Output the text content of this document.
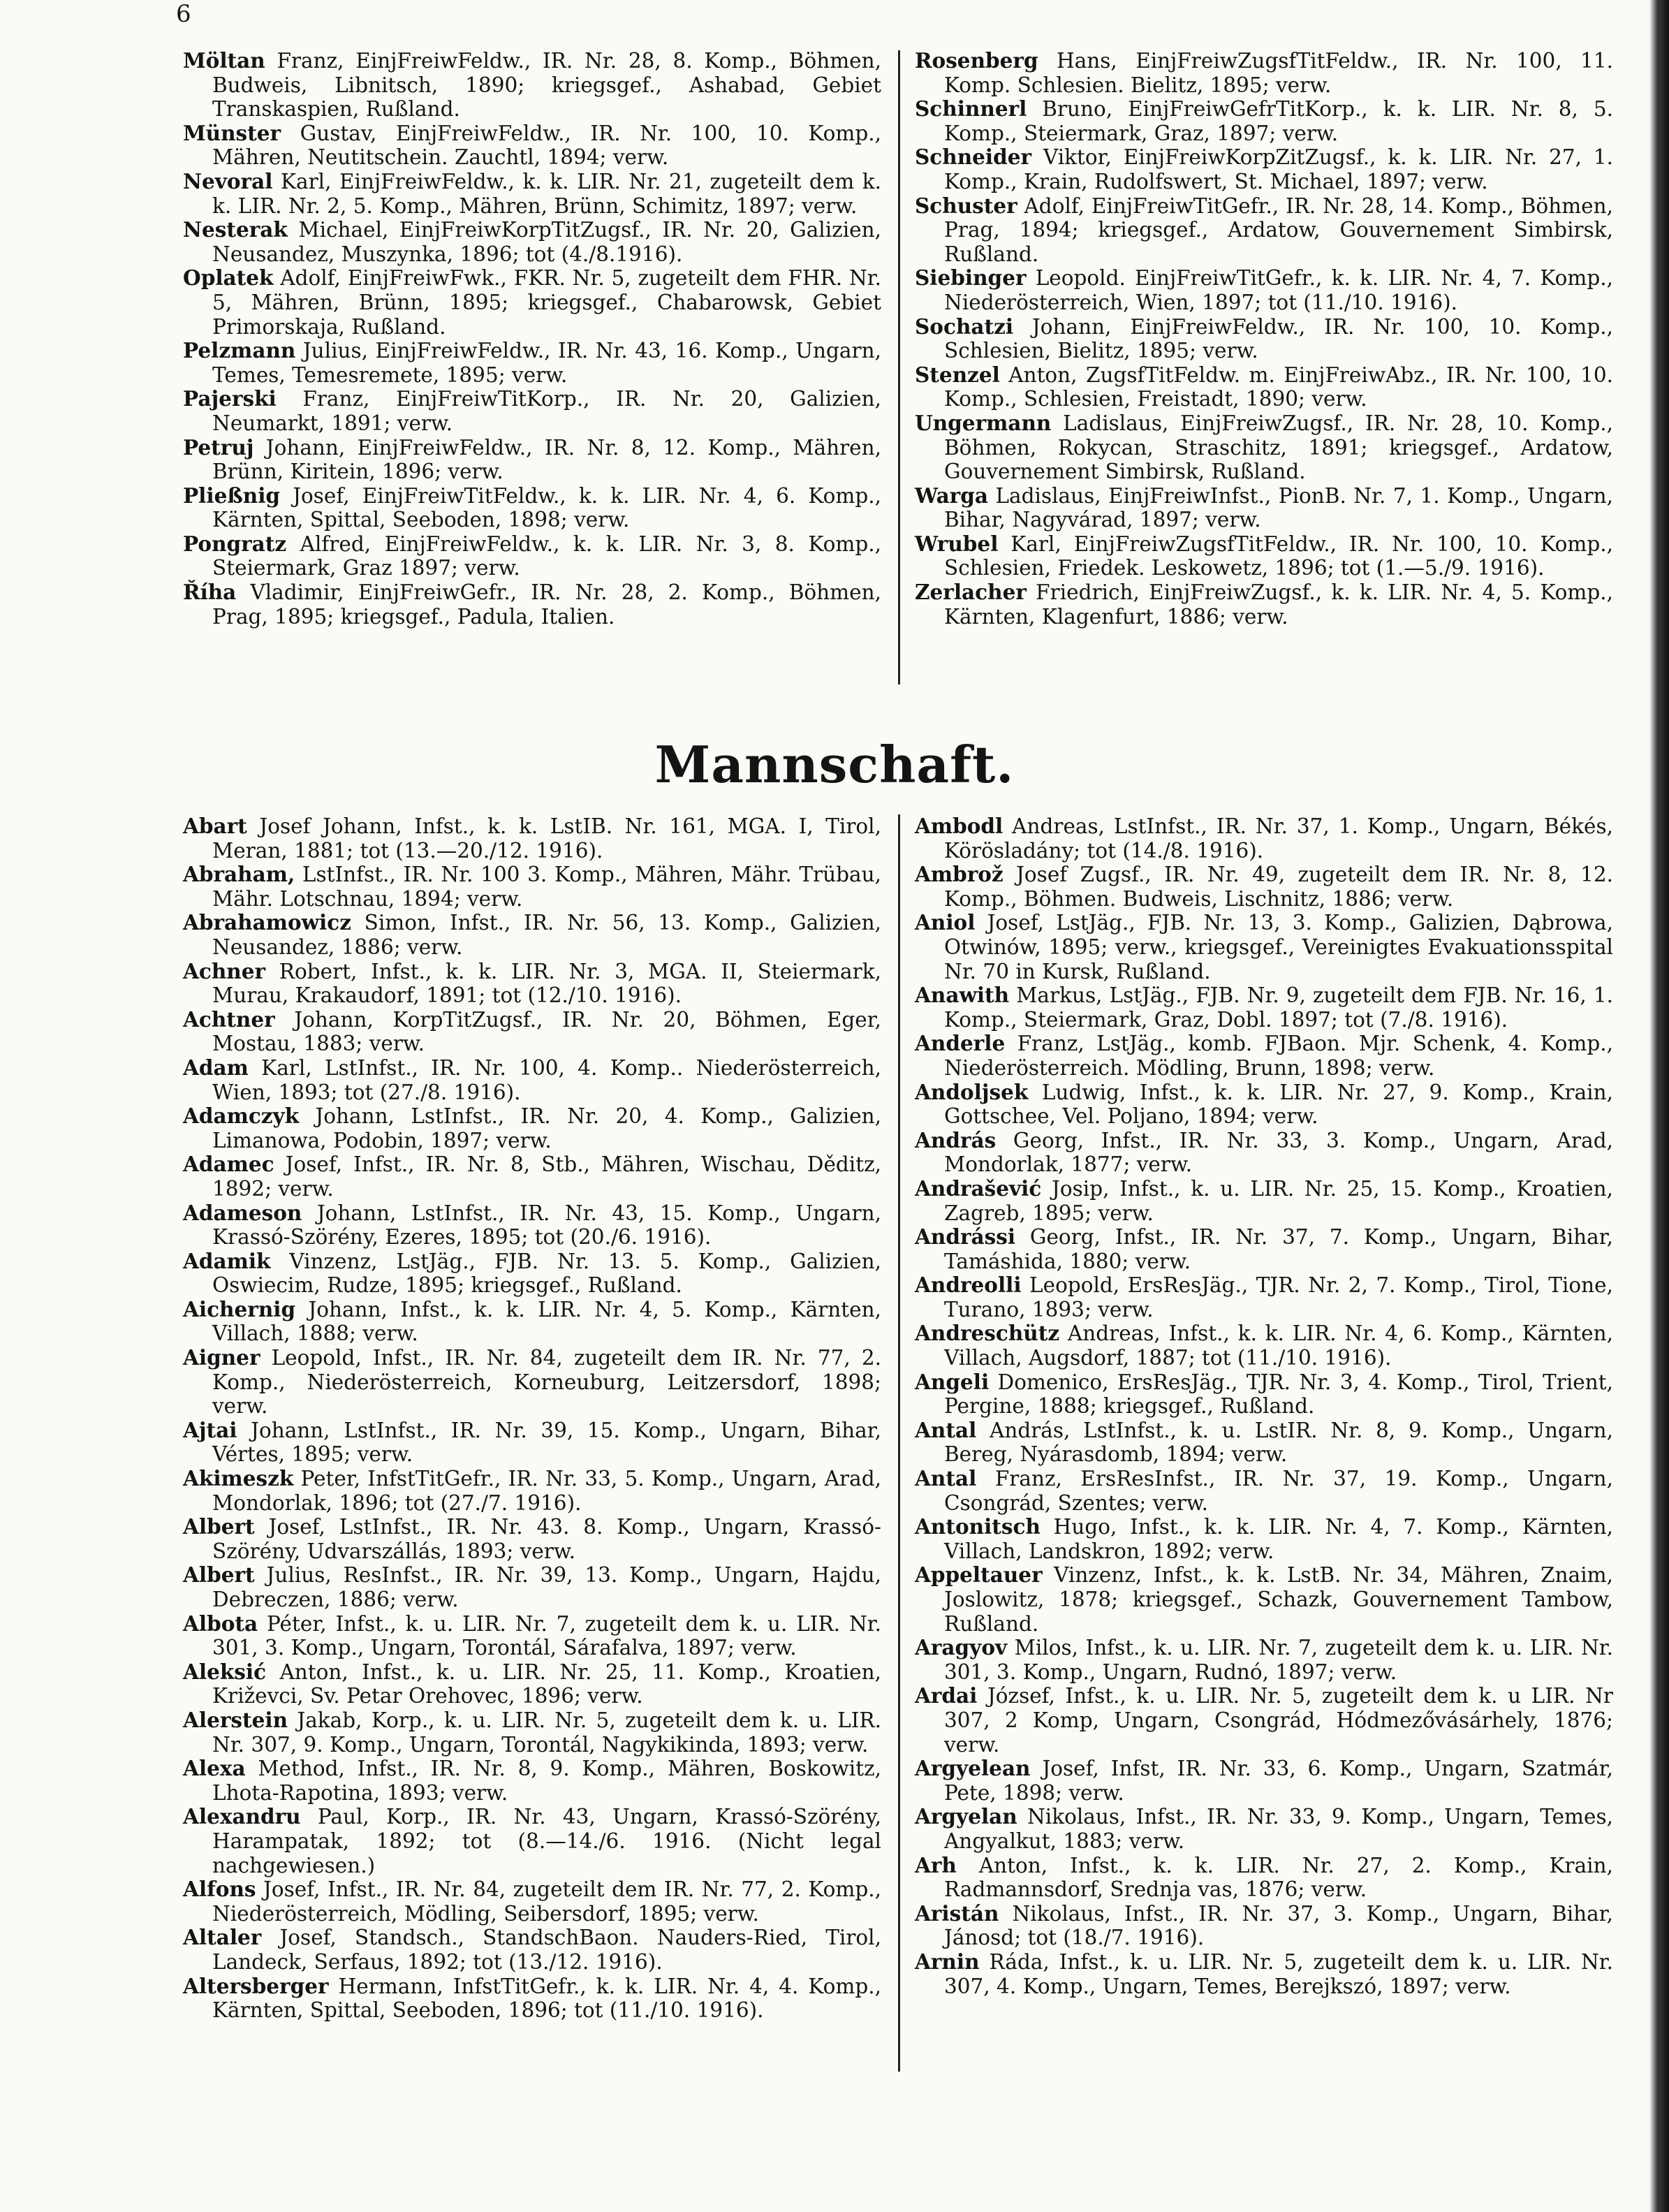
6

Möltan Franz, EinjFreiwFeldw., IR. Nr. 28, 8. Komp., Böhmen, Budweis, Libnitsch, 1890; kriegsgef., Ashabad, Gebiet Transkaspien, Rußland.

Münster Gustav, EinjFreiwFeldw., IR. Nr. 100, 10. Komp., Mähren, Neutitschein. Zauchtl, 1894; verw.

Nevoral Karl, EinjFreiwFeldw., k. k. LIR. Nr. 21, zugeteilt dem k. k. LIR. Nr. 2, 5. Komp., Mähren, Brünn, Schimitz, 1897; verw.

Nesterak Michael, EinjFreiwKorpTitZugsf., IR. Nr. 20, Galizien, Neusandez, Muszynka, 1896; tot (4./8.1916).

Oplatek Adolf, EinjFreiwFwk., FKR. Nr. 5, zugeteilt dem FHR. Nr. 5, Mähren, Brünn, 1895; kriegsgef., Chabarowsk, Gebiet Primorskaja, Rußland.

Pelzmann Julius, EinjFreiwFeldw., IR. Nr. 43, 16. Komp., Ungarn, Temes, Temesremete, 1895; verw.

Pajerski Franz, EinjFreiwTitKorp., IR. Nr. 20, Galizien, Neumarkt, 1891; verw.

Petruj Johann, EinjFreiwFeldw., IR. Nr. 8, 12. Komp., Mähren, Brünn, Kiritein, 1896; verw.

Pließnig Josef, EinjFreiwTitFeldw., k. k. LIR. Nr. 4, 6. Komp., Kärnten, Spittal, Seeboden, 1898; verw.

Pongratz Alfred, EinjFreiwFeldw., k. k. LIR. Nr. 3, 8. Komp., Steiermark, Graz 1897; verw.

Říha Vladimir, EinjFreiwGefr., IR. Nr. 28, 2. Komp., Böhmen, Prag, 1895; kriegsgef., Padula, Italien.

Rosenberg Hans, EinjFreiwZugsfTitFeldw., IR. Nr. 100, 11. Komp. Schlesien. Bielitz, 1895; verw.

Schinnerl Bruno, EinjFreiwGefrTitKorp., k. k. LIR. Nr. 8, 5. Komp., Steiermark, Graz, 1897; verw.

Schneider Viktor, EinjFreiwKorpZitZugsf., k. k. LIR. Nr. 27, 1. Komp., Krain, Rudolfswert, St. Michael, 1897; verw.

Schuster Adolf, EinjFreiwTitGefr., IR. Nr. 28, 14. Komp., Böhmen, Prag, 1894; kriegsgef., Ardatow, Gouvernement Simbirsk, Rußland.

Siebinger Leopold. EinjFreiwTitGefr., k. k. LIR. Nr. 4, 7. Komp., Niederösterreich, Wien, 1897; tot (11./10. 1916).

Sochatzi Johann, EinjFreiwFeldw., IR. Nr. 100, 10. Komp., Schlesien, Bielitz, 1895; verw.

Stenzel Anton, ZugsfTitFeldw. m. EinjFreiwAbz., IR. Nr. 100, 10. Komp., Schlesien, Freistadt, 1890; verw.

Ungermann Ladislaus, EinjFreiwZugsf., IR. Nr. 28, 10. Komp., Böhmen, Rokycan, Straschitz, 1891; kriegsgef., Ardatow, Gouvernement Simbirsk, Rußland.

Warga Ladislaus, EinjFreiwInfst., PionB. Nr. 7, 1. Komp., Ungarn, Bihar, Nagyvárad, 1897; verw.

Wrubel Karl, EinjFreiwZugsfTitFeldw., IR. Nr. 100, 10. Komp., Schlesien, Friedek. Leskowetz, 1896; tot (1.—5./9. 1916).

Zerlacher Friedrich, EinjFreiwZugsf., k. k. LIR. Nr. 4, 5. Komp., Kärnten, Klagenfurt, 1886; verw.

Mannschaft.

Abart Josef Johann, Infst., k. k. LstIB. Nr. 161, MGA. I, Tirol, Meran, 1881; tot (13.—20./12. 1916).

Abraham, LstInfst., IR. Nr. 100 3. Komp., Mähren, Mähr. Trübau, Mähr. Lotschnau, 1894; verw.

Abrahamowicz Simon, Infst., IR. Nr. 56, 13. Komp., Galizien, Neusandez, 1886; verw.

Achner Robert, Infst., k. k. LIR. Nr. 3, MGA. II, Steiermark, Murau, Krakaudorf, 1891; tot (12./10. 1916).

Achtner Johann, KorpTitZugsf., IR. Nr. 20, Böhmen, Eger, Mostau, 1883; verw.

Adam Karl, LstInfst., IR. Nr. 100, 4. Komp.. Niederösterreich, Wien, 1893; tot (27./8. 1916).

Adamczyk Johann, LstInfst., IR. Nr. 20, 4. Komp., Galizien, Limanowa, Podobin, 1897; verw.

Adamec Josef, Infst., IR. Nr. 8, Stb., Mähren, Wischau, Děditz, 1892; verw.

Adameson Johann, LstInfst., IR. Nr. 43, 15. Komp., Ungarn, Krassó-Szörény, Ezeres, 1895; tot (20./6. 1916).

Adamik Vinzenz, LstJäg., FJB. Nr. 13. 5. Komp., Galizien, Oswiecim, Rudze, 1895; kriegsgef., Rußland.

Aichernig Johann, Infst., k. k. LIR. Nr. 4, 5. Komp., Kärnten, Villach, 1888; verw.

Aigner Leopold, Infst., IR. Nr. 84, zugeteilt dem IR. Nr. 77, 2. Komp., Niederösterreich, Korneuburg, Leitzersdorf, 1898; verw.

Ajtai Johann, LstInfst., IR. Nr. 39, 15. Komp., Ungarn, Bihar, Vértes, 1895; verw.

Akimeszk Peter, InfstTitGefr., IR. Nr. 33, 5. Komp., Ungarn, Arad, Mondorlak, 1896; tot (27./7. 1916).

Albert Josef, LstInfst., IR. Nr. 43. 8. Komp., Ungarn, Krassó-Szörény, Udvarszállás, 1893; verw.

Albert Julius, ResInfst., IR. Nr. 39, 13. Komp., Ungarn, Hajdu, Debreczen, 1886; verw.

Albota Péter, Infst., k. u. LIR. Nr. 7, zugeteilt dem k. u. LIR. Nr. 301, 3. Komp., Ungarn, Torontál, Sárafalva, 1897; verw.

Aleksić Anton, Infst., k. u. LIR. Nr. 25, 11. Komp., Kroatien, Križevci, Sv. Petar Orehovec, 1896; verw.

Alerstein Jakab, Korp., k. u. LIR. Nr. 5, zugeteilt dem k. u. LIR. Nr. 307, 9. Komp., Ungarn, Torontál, Nagykikinda, 1893; verw.

Alexa Method, Infst., IR. Nr. 8, 9. Komp., Mähren, Boskowitz, Lhota-Rapotina, 1893; verw.

Alexandru Paul, Korp., IR. Nr. 43, Ungarn, Krassó-Szörény, Harampatak, 1892; tot (8.—14./6. 1916. (Nicht legal nachgewiesen.)

Alfons Josef, Infst., IR. Nr. 84, zugeteilt dem IR. Nr. 77, 2. Komp., Niederösterreich, Mödling, Seibersdorf, 1895; verw.

Altaler Josef, Standsch., StandschBaon. Nauders-Ried, Tirol, Landeck, Serfaus, 1892; tot (13./12. 1916).

Altersberger Hermann, InfstTitGefr., k. k. LIR. Nr. 4, 4. Komp., Kärnten, Spittal, Seeboden, 1896; tot (11./10. 1916).

Ambodl Andreas, LstInfst., IR. Nr. 37, 1. Komp., Ungarn, Békés, Körösladány; tot (14./8. 1916).

Ambrož Josef Zugsf., IR. Nr. 49, zugeteilt dem IR. Nr. 8, 12. Komp., Böhmen. Budweis, Lischnitz, 1886; verw.

Aniol Josef, LstJäg., FJB. Nr. 13, 3. Komp., Galizien, Dąbrowa, Otwinów, 1895; verw., kriegsgef., Vereinigtes Evakuationsspital Nr. 70 in Kursk, Rußland.

Anawith Markus, LstJäg., FJB. Nr. 9, zugeteilt dem FJB. Nr. 16, 1. Komp., Steiermark, Graz, Dobl. 1897; tot (7./8. 1916).

Anderle Franz, LstJäg., komb. FJBaon. Mjr. Schenk, 4. Komp., Niederösterreich. Mödling, Brunn, 1898; verw.

Andoljsek Ludwig, Infst., k. k. LIR. Nr. 27, 9. Komp., Krain, Gottschee, Vel. Poljano, 1894; verw.

András Georg, Infst., IR. Nr. 33, 3. Komp., Ungarn, Arad, Mondorlak, 1877; verw.

Andrašević Josip, Infst., k. u. LIR. Nr. 25, 15. Komp., Kroatien, Zagreb, 1895; verw.

Andrássi Georg, Infst., IR. Nr. 37, 7. Komp., Ungarn, Bihar, Tamáshida, 1880; verw.

Andreolli Leopold, ErsResJäg., TJR. Nr. 2, 7. Komp., Tirol, Tione, Turano, 1893; verw.

Andreschütz Andreas, Infst., k. k. LIR. Nr. 4, 6. Komp., Kärnten, Villach, Augsdorf, 1887; tot (11./10. 1916).

Angeli Domenico, ErsResJäg., TJR. Nr. 3, 4. Komp., Tirol, Trient, Pergine, 1888; kriegsgef., Rußland.

Antal András, LstInfst., k. u. LstIR. Nr. 8, 9. Komp., Ungarn, Bereg, Nyárasdomb, 1894; verw.

Antal Franz, ErsResInfst., IR. Nr. 37, 19. Komp., Ungarn, Csongrád, Szentes; verw.

Antonitsch Hugo, Infst., k. k. LIR. Nr. 4, 7. Komp., Kärnten, Villach, Landskron, 1892; verw.

Appeltauer Vinzenz, Infst., k. k. LstB. Nr. 34, Mähren, Znaim, Joslowitz, 1878; kriegsgef., Schazk, Gouvernement Tambow, Rußland.

Aragyov Milos, Infst., k. u. LIR. Nr. 7, zugeteilt dem k. u. LIR. Nr. 301, 3. Komp., Ungarn, Rudnó, 1897; verw.

Ardai József, Infst., k. u. LIR. Nr. 5, zugeteilt dem k. u LIR. Nr 307, 2 Komp, Ungarn, Csongrád, Hódmezővásárhely, 1876; verw.

Argyelean Josef, Infst, IR. Nr. 33, 6. Komp., Ungarn, Szatmár, Pete, 1898; verw.

Argyelan Nikolaus, Infst., IR. Nr. 33, 9. Komp., Ungarn, Temes, Angyalkut, 1883; verw.

Arh Anton, Infst., k. k. LIR. Nr. 27, 2. Komp., Krain, Radmannsdorf, Srednja vas, 1876; verw.

Aristán Nikolaus, Infst., IR. Nr. 37, 3. Komp., Ungarn, Bihar, Jánosd; tot (18./7. 1916).

Arnin Ráda, Infst., k. u. LIR. Nr. 5, zugeteilt dem k. u. LIR. Nr. 307, 4. Komp., Ungarn, Temes, Berejkszó, 1897; verw.
